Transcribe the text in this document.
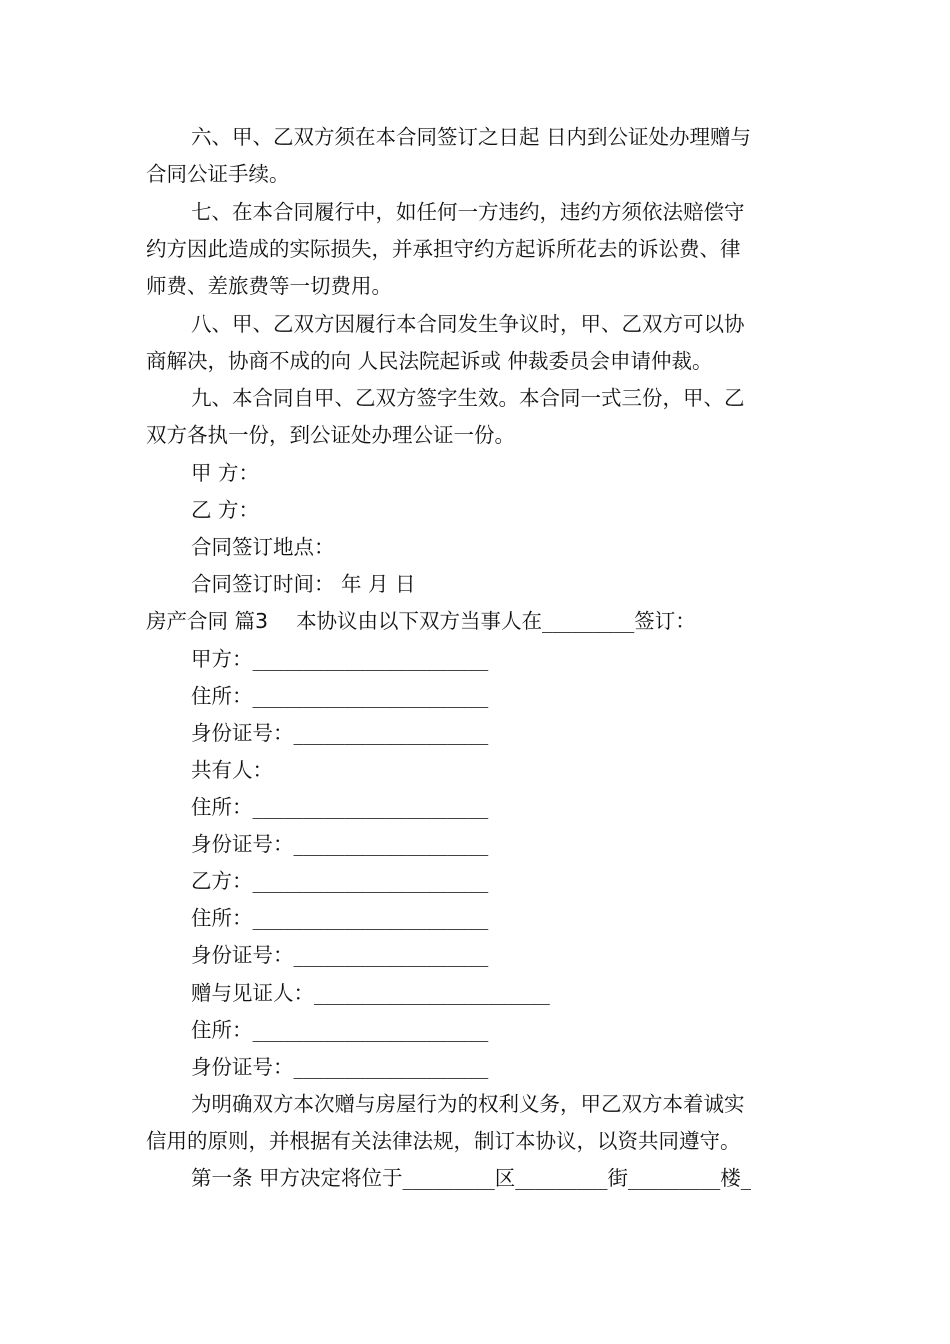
六、甲、乙双方须在本合同签订之日起 日内到公证处办理赠与
合同公证手续。
七、在本合同履行中，如任何一方违约，违约方须依法赔偿守
约方因此造成的实际损失，并承担守约方起诉所花去的诉讼费、律
师费、差旅费等一切费用。
八、甲、乙双方因履行本合同发生争议时，甲、乙双方可以协
商解决，协商不成的向 人民法院起诉或 仲裁委员会申请仲裁。
九、本合同自甲、乙双方签字生效。本合同一式三份，甲、乙
双方各执一份，到公证处办理公证一份。
甲 方：
乙 方：
合同签订地点：
合同签订时间： 年 月 日
房产合同 篇3 本协议由以下双方当事人在_________签订：
甲方：_______________________
住所：_______________________
身份证号：___________________
共有人：
住所：_______________________
身份证号：___________________
乙方：_______________________
住所：_______________________
身份证号：___________________
赠与见证人：_______________________
住所：_______________________
身份证号：___________________
为明确双方本次赠与房屋行为的权利义务，甲乙双方本着诚实
信用的原则，并根据有关法律法规，制订本协议，以资共同遵守。
第一条 甲方决定将位于_________区_________街_________楼_
